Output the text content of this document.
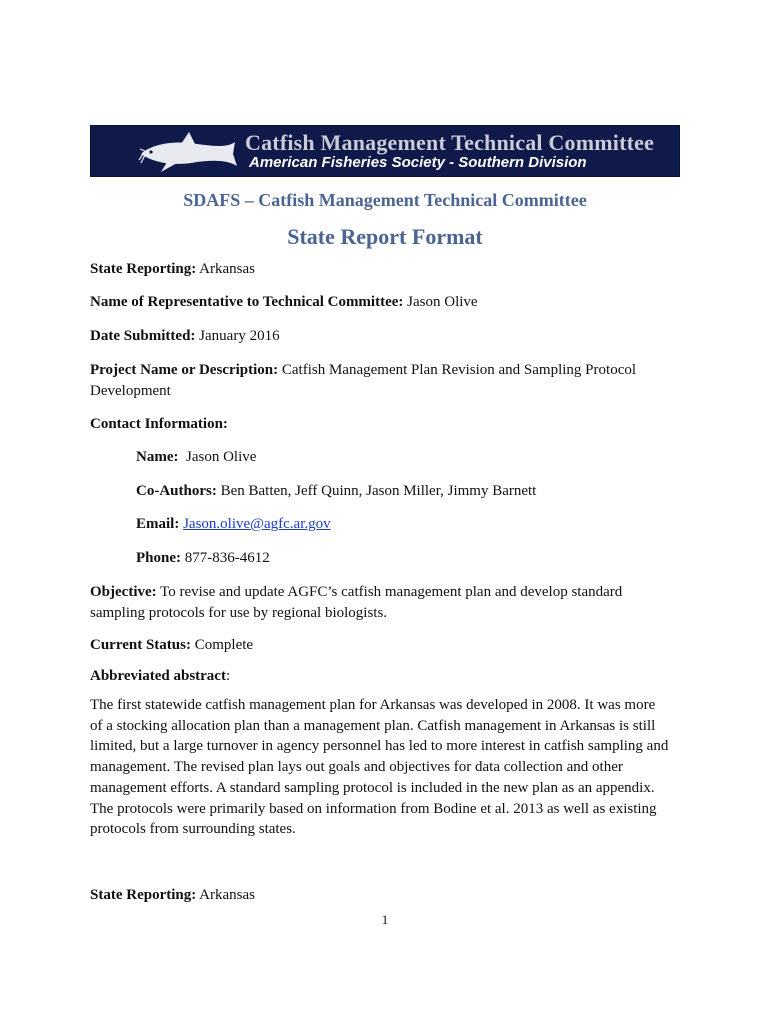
Catfish Management Technical Committee
American Fisheries Society - Southern Division
SDAFS – Catfish Management Technical Committee
State Report Format
State Reporting: Arkansas
Name of Representative to Technical Committee: Jason Olive
Date Submitted: January 2016
Project Name or Description: Catfish Management Plan Revision and Sampling Protocol Development
Contact Information:
Name:  Jason Olive
Co-Authors: Ben Batten, Jeff Quinn, Jason Miller, Jimmy Barnett
Email: Jason.olive@agfc.ar.gov
Phone: 877-836-4612
Objective: To revise and update AGFC’s catfish management plan and develop standard sampling protocols for use by regional biologists.
Current Status: Complete
Abbreviated abstract:
The first statewide catfish management plan for Arkansas was developed in 2008. It was more of a stocking allocation plan than a management plan. Catfish management in Arkansas is still limited, but a large turnover in agency personnel has led to more interest in catfish sampling and management. The revised plan lays out goals and objectives for data collection and other management efforts. A standard sampling protocol is included in the new plan as an appendix. The protocols were primarily based on information from Bodine et al. 2013 as well as existing protocols from surrounding states.
State Reporting: Arkansas
1
